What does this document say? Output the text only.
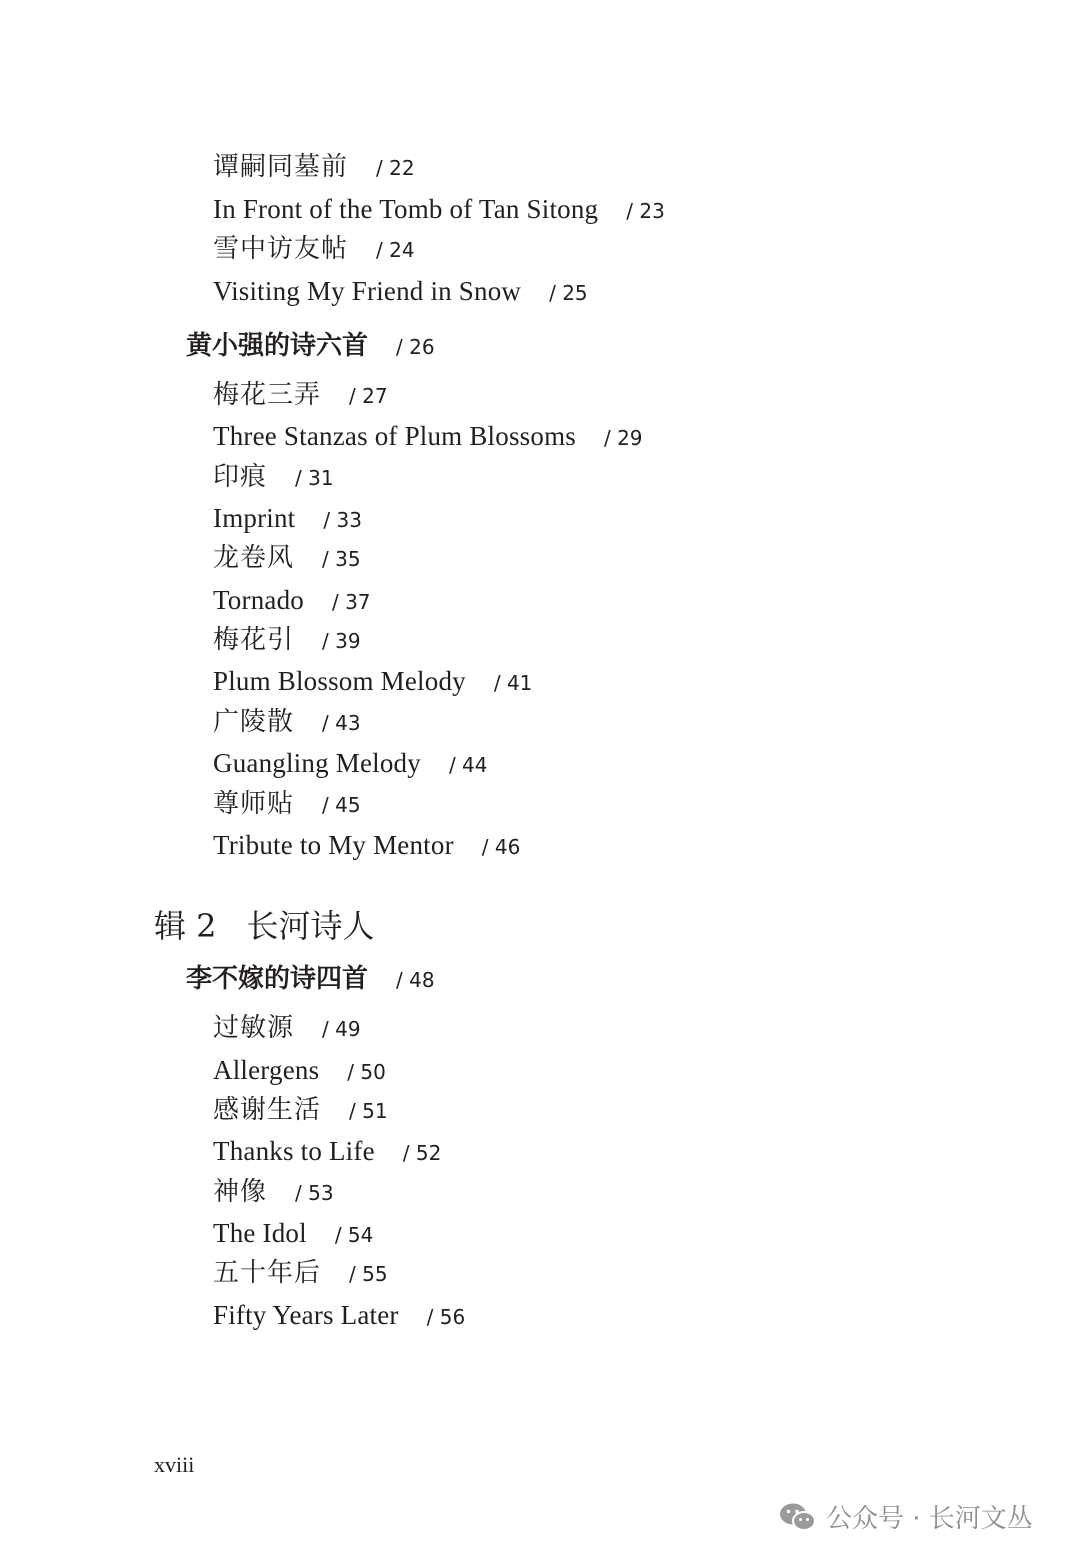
谭嗣同墓前 / 22
In Front of the Tomb of Tan Sitong / 23
雪中访友帖 / 24
Visiting My Friend in Snow / 25
黄小强的诗六首 / 26
梅花三弄 / 27
Three Stanzas of Plum Blossoms / 29
印痕 / 31
Imprint / 33
龙卷风 / 35
Tornado / 37
梅花引 / 39
Plum Blossom Melody / 41
广陵散 / 43
Guangling Melody / 44
尊师贴 / 45
Tribute to My Mentor / 46
辑 2 长河诗人
李不嫁的诗四首 / 48
过敏源 / 49
Allergens / 50
感谢生活 / 51
Thanks to Life / 52
神像 / 53
The Idol / 54
五十年后 / 55
Fifty Years Later / 56
xviii
公众号 · 长河文丛
